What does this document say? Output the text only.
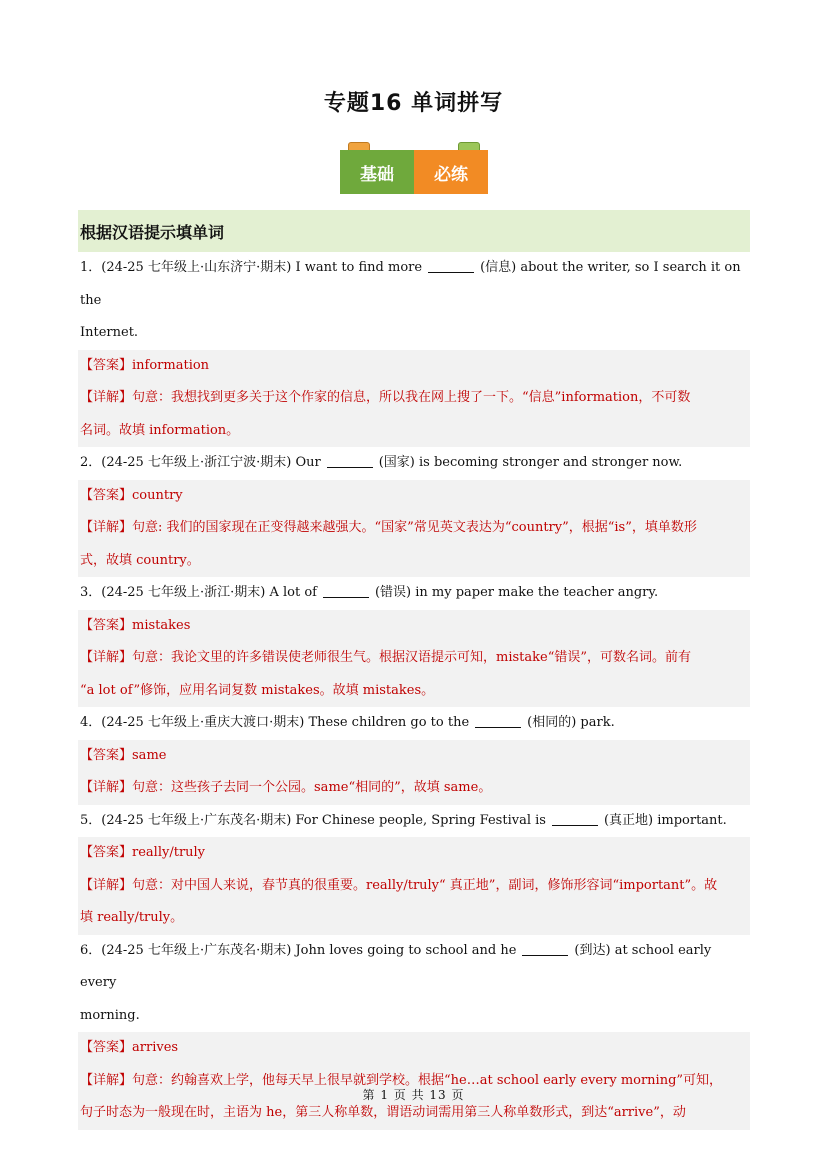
专题16 单词拼写
基础	必练
根据汉语提示填单词
1．(24-25 七年级上·山东济宁·期末) I want to find more	(信息) about the writer, so I search it on the
Internet.
【答案】information
【详解】句意：我想找到更多关于这个作家的信息，所以我在网上搜了一下。“信息”information，不可数
名词。故填 information。
2．(24-25 七年级上·浙江宁波·期末) Our	(国家) is becoming stronger and stronger now.
【答案】country
【详解】句意: 我们的国家现在正变得越来越强大。“国家”常见英文表达为“country”，根据“is”，填单数形
式，故填 country。
3．(24-25 七年级上·浙江·期末) A lot of	(错误) in my paper make the teacher angry.
【答案】mistakes
【详解】句意：我论文里的许多错误使老师很生气。根据汉语提示可知，mistake“错误”，可数名词。前有
“a lot of”修饰，应用名词复数 mistakes。故填 mistakes。
4．(24-25 七年级上·重庆大渡口·期末) These children go to the	(相同的) park.
【答案】same
【详解】句意：这些孩子去同一个公园。same“相同的”，故填 same。
5．(24-25 七年级上·广东茂名·期末) For Chinese people, Spring Festival is	(真正地) important.
【答案】really/truly
【详解】句意：对中国人来说，春节真的很重要。really/truly“ 真正地”，副词，修饰形容词“important”。故
填 really/truly。
6．(24-25 七年级上·广东茂名·期末) John loves going to school and he	(到达) at school early every
morning.
【答案】arrives
【详解】句意：约翰喜欢上学，他每天早上很早就到学校。根据“he…at school early every morning”可知，
句子时态为一般现在时，主语为 he，第三人称单数，谓语动词需用第三人称单数形式，到达“arrive”，动
第 1 页 共 13 页
